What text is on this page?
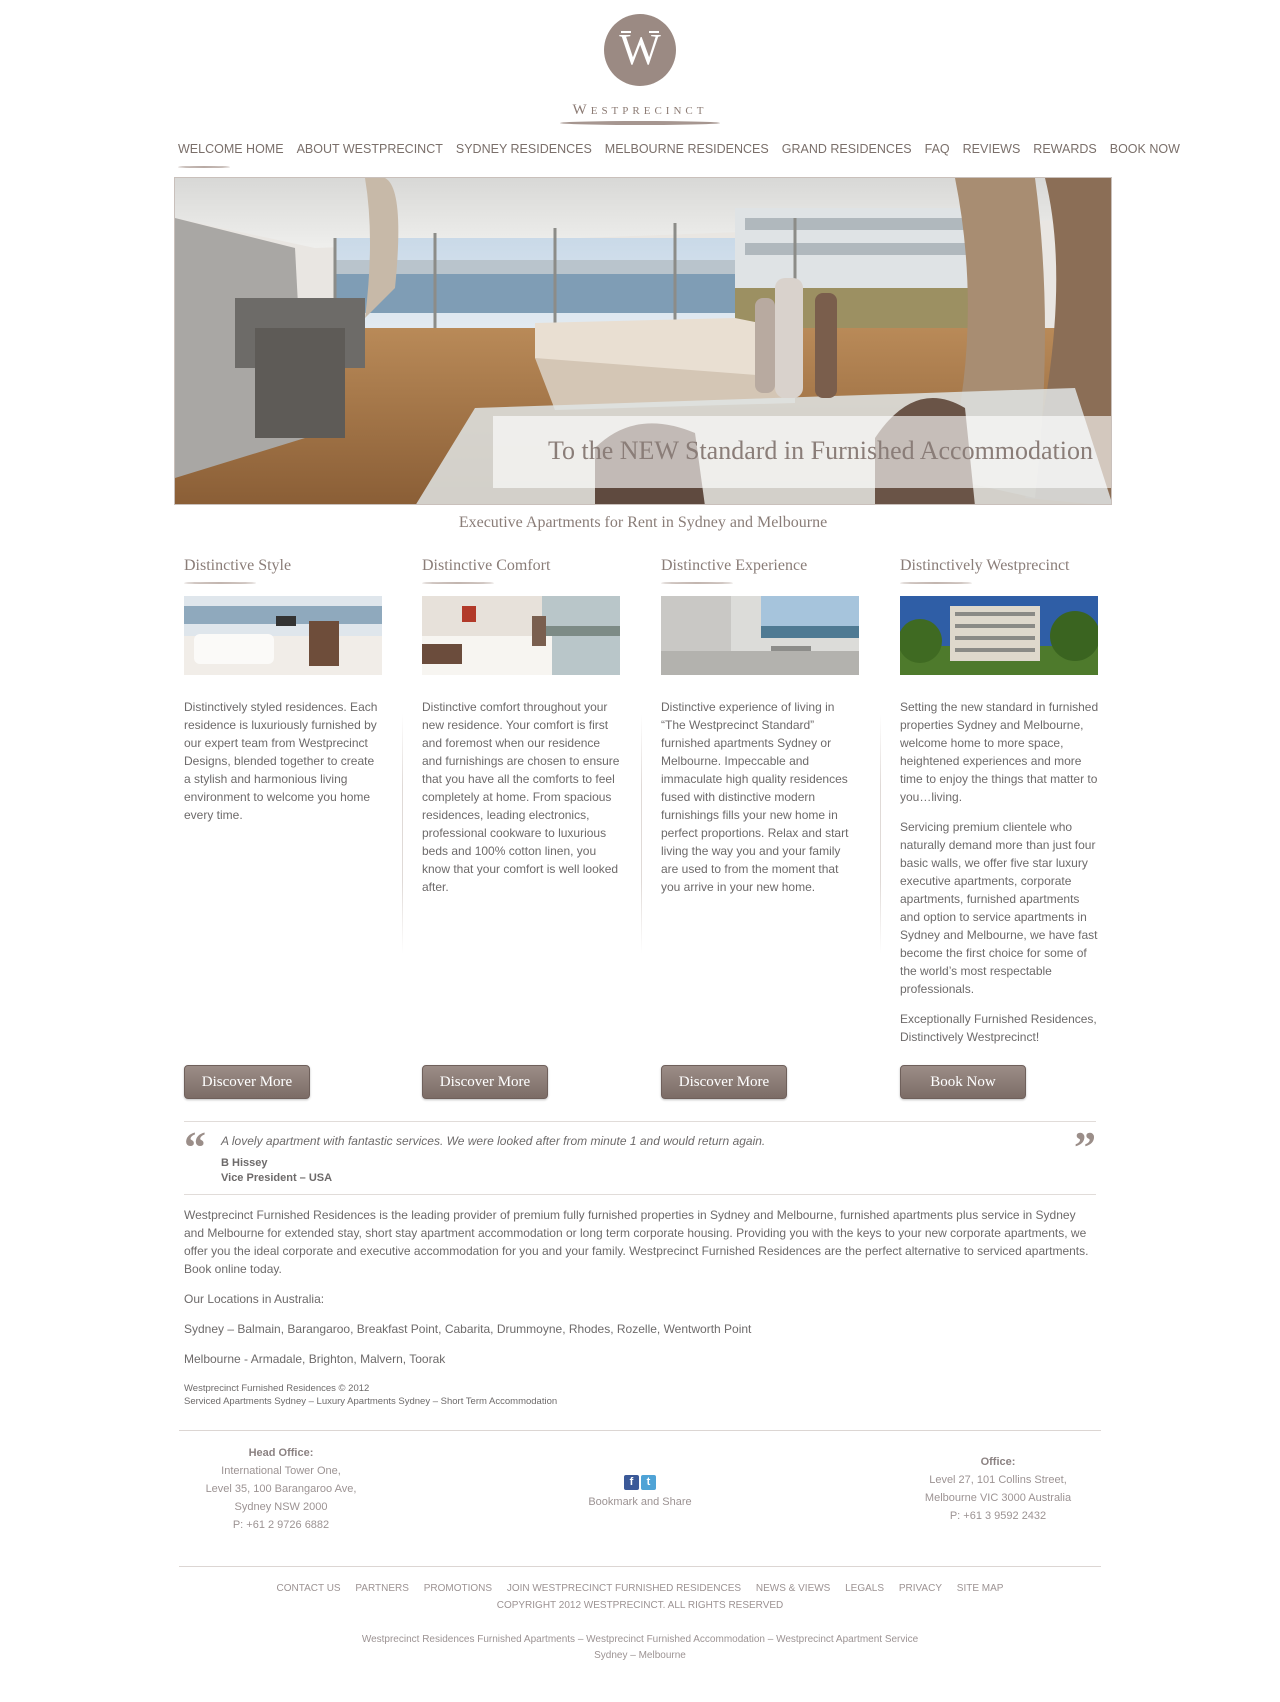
W
WESTPRECINCT
WELCOME HOME ABOUT WESTPRECINCT SYDNEY RESIDENCES MELBOURNE RESIDENCES GRAND RESIDENCES FAQ REVIEWS REWARDS BOOK NOW
To the NEW Standard in Furnished Accommodation
Executive Apartments for Rent in Sydney and Melbourne
Distinctive Style

Distinctively styled residences. Each residence is luxuriously furnished by our expert team from Westprecinct Designs, blended together to create a stylish and harmonious living environment to welcome you home every time.

Distinctive Comfort

Distinctive comfort throughout your new residence. Your comfort is first and foremost when our residence and furnishings are chosen to ensure that you have all the comforts to feel completely at home. From spacious residences, leading electronics, professional cookware to luxurious beds and 100% cotton linen, you know that your comfort is well looked after.

Distinctive Experience

Distinctive experience of living in “The Westprecinct Standard” furnished apartments Sydney or Melbourne. Impeccable and immaculate high quality residences fused with distinctive modern furnishings fills your new home in perfect proportions. Relax and start living the way you and your family are used to from the moment that you arrive in your new home.

Distinctively Westprecinct

Setting the new standard in furnished properties Sydney and Melbourne, welcome home to more space, heightened experiences and more time to enjoy the things that matter to you…living.

Servicing premium clientele who naturally demand more than just four basic walls, we offer five star luxury executive apartments, corporate apartments, furnished apartments and option to service apartments in Sydney and Melbourne, we have fast become the first choice for some of the world’s most respectable professionals.

Exceptionally Furnished Residences, Distinctively Westprecinct!

Discover More	Discover More	Discover More	Book Now
“ A lovely apartment with fantastic services. We were looked after from minute 1 and would return again.
B Hissey
Vice President – USA
”

Westprecinct Furnished Residences is the leading provider of premium fully furnished properties in Sydney and Melbourne, furnished apartments plus service in Sydney and Melbourne for extended stay, short stay apartment accommodation or long term corporate housing. Providing you with the keys to your new corporate apartments, we offer you the ideal corporate and executive accommodation for you and your family. Westprecinct Furnished Residences are the perfect alternative to serviced apartments. Book online today.

Our Locations in Australia:

Sydney – Balmain, Barangaroo, Breakfast Point, Cabarita, Drummoyne, Rhodes, Rozelle, Wentworth Point

Melbourne - Armadale, Brighton, Malvern, Toorak

Westprecinct Furnished Residences © 2012
Serviced Apartments Sydney – Luxury Apartments Sydney – Short Term Accommodation
Head Office:
International Tower One,
Level 35, 100 Barangaroo Ave,
Sydney NSW 2000
P: +61 2 9726 6882
f t
Bookmark and Share
Office:
Level 27, 101 Collins Street,
Melbourne VIC 3000 Australia
P: +61 3 9592 2432
CONTACT US PARTNERS PROMOTIONS JOIN WESTPRECINCT FURNISHED RESIDENCES NEWS & VIEWS LEGALS PRIVACY SITE MAP
COPYRIGHT 2012 WESTPRECINCT. ALL RIGHTS RESERVED
Westprecinct Residences Furnished Apartments – Westprecinct Furnished Accommodation – Westprecinct Apartment Service
Sydney – Melbourne
